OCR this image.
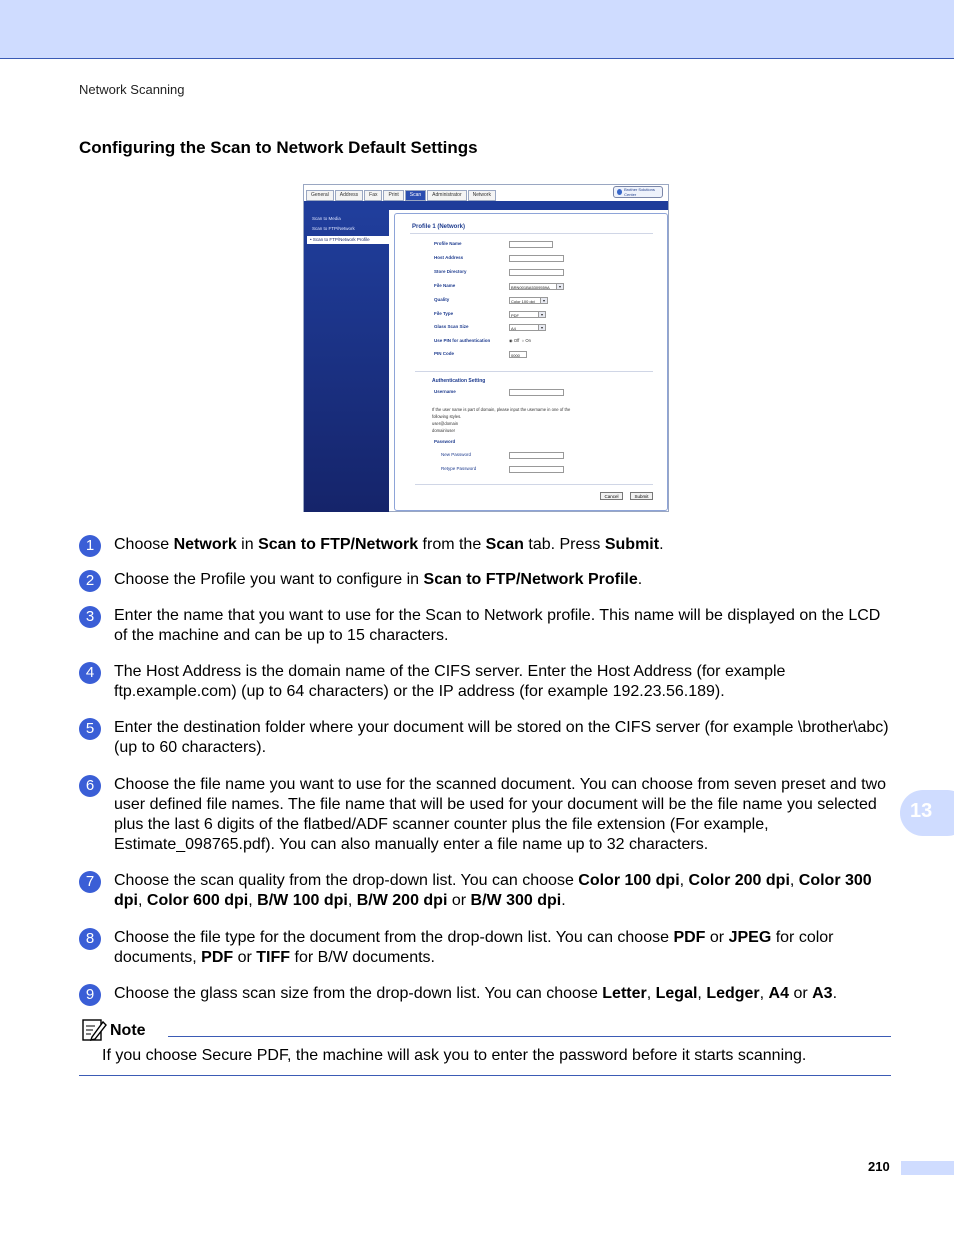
Network Scanning
Configuring the Scan to Network Default Settings
General	Address	Fax	Print	Scan	Administrator	Network
Brother Solutions Center
Scan to Media
Scan to FTP/Network
• Scan to FTP/Network Profile
Profile 1 (Network)
Profile Name
Host Address
Store Directory
File Name	BRN001BA5309559A	▾
Quality	Color 100 dpi	▾
File Type	PDF	▾
Glass Scan Size	A4	▾
Use PIN for authentication	◉ Off  ○ On
PIN Code	0000
Authentication Setting
Username
If the user name is part of domain, please input the username in one of the
following styles.
user@domain
domain\user
Password
New Password
Retype Password
Cancel	Submit
1	Choose Network in Scan to FTP/Network from the Scan tab. Press Submit.
2	Choose the Profile you want to configure in Scan to FTP/Network Profile.
3	Enter the name that you want to use for the Scan to Network profile. This name will be displayed on the LCD of the machine and can be up to 15 characters.
4	The Host Address is the domain name of the CIFS server. Enter the Host Address (for example ftp.example.com) (up to 64 characters) or the IP address (for example 192.23.56.189).
5	Enter the destination folder where your document will be stored on the CIFS server (for example \brother\abc) (up to 60 characters).
6	Choose the file name you want to use for the scanned document. You can choose from seven preset and two user defined file names. The file name that will be used for your document will be the file name you selected plus the last 6 digits of the flatbed/ADF scanner counter plus the file extension (For example, Estimate_098765.pdf). You can also manually enter a file name up to 32 characters.
7	Choose the scan quality from the drop-down list. You can choose Color 100 dpi, Color 200 dpi, Color 300 dpi, Color 600 dpi, B/W 100 dpi, B/W 200 dpi or B/W 300 dpi.
8	Choose the file type for the document from the drop-down list. You can choose PDF or JPEG for color documents, PDF or TIFF for B/W documents.
9	Choose the glass scan size from the drop-down list. You can choose Letter, Legal, Ledger, A4 or A3.
Note
If you choose Secure PDF, the machine will ask you to enter the password before it starts scanning.
13
210
